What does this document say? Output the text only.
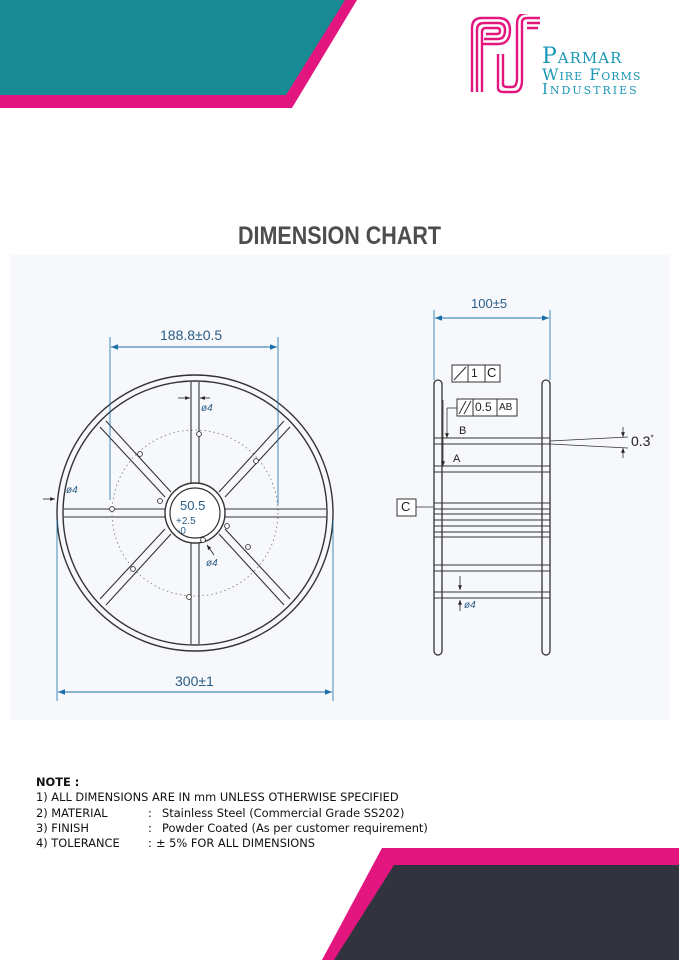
Parmar
Wire Forms
Industries
DIMENSION CHART
188.8±0.5
300±1
ø4
ø4
ø4
50.5
+2.5
-0
100±5
1 C
0.5 AB
B
A
C
0.3*
ø4
NOTE :
1) ALL DIMENSIONS ARE IN mm UNLESS OTHERWISE SPECIFIED
2) MATERIAL	: Stainless Steel (Commercial Grade SS202)
3) FINISH	: Powder Coated (As per customer requirement)
4) TOLERANCE : ± 5% FOR ALL DIMENSIONS
